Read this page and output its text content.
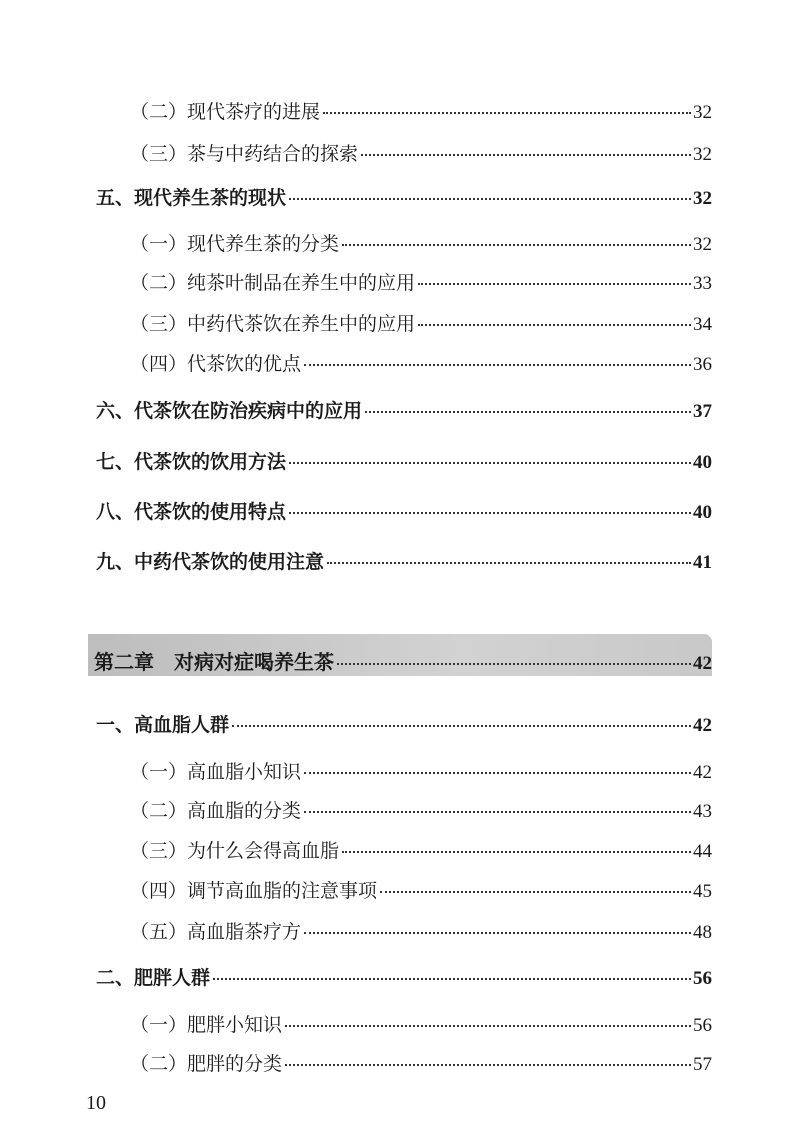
（二）现代茶疗的进展	32
（三）茶与中药结合的探索	32
五、现代养生茶的现状	32
（一）现代养生茶的分类	32
（二）纯茶叶制品在养生中的应用	33
（三）中药代茶饮在养生中的应用	34
（四）代茶饮的优点	36
六、代茶饮在防治疾病中的应用	37
七、代茶饮的饮用方法	40
八、代茶饮的使用特点	40
九、中药代茶饮的使用注意	41
第二章　对病对症喝养生茶	42
一、高血脂人群	42
（一）高血脂小知识	42
（二）高血脂的分类	43
（三）为什么会得高血脂	44
（四）调节高血脂的注意事项	45
（五）高血脂茶疗方	48
二、肥胖人群	56
（一）肥胖小知识	56
（二）肥胖的分类	57
10
